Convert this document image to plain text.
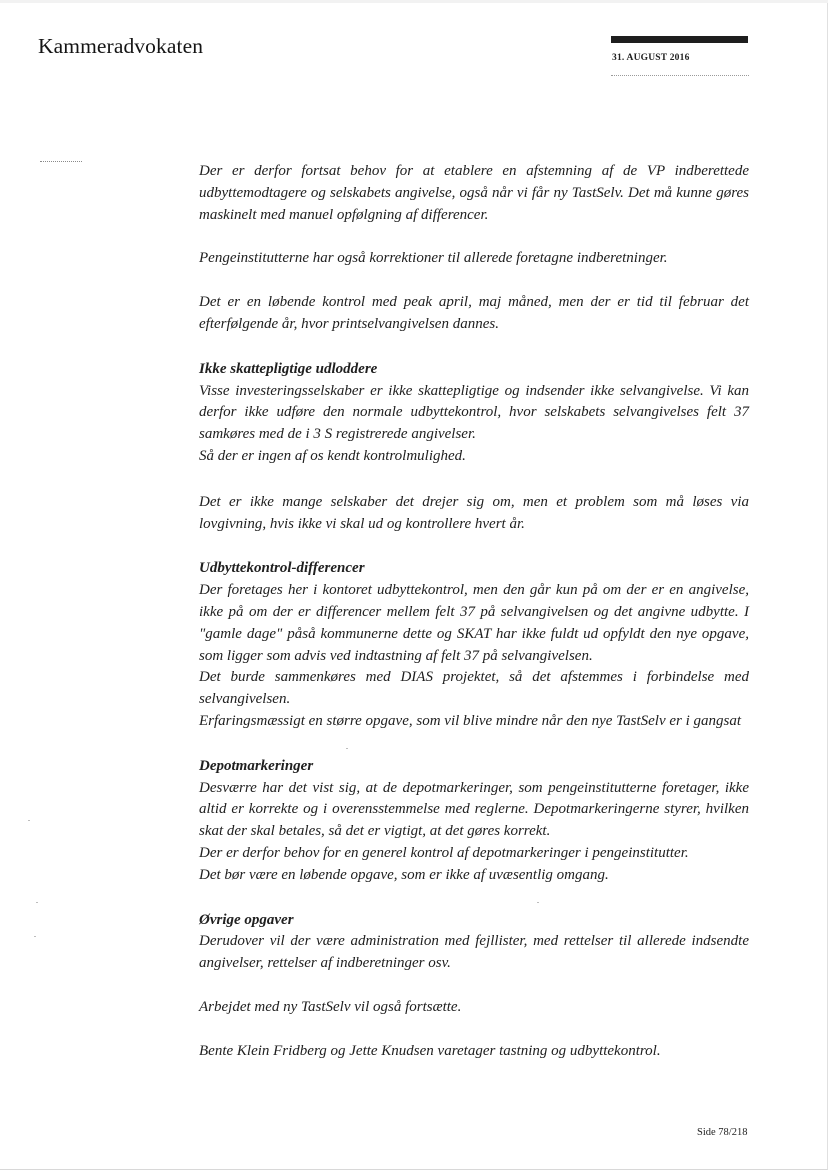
Kammeradvokaten	31. AUGUST 2016

Der er derfor fortsat behov for at etablere en afstemning af de VP indberettede udbyttemodtagere og selskabets angivelse, også når vi får ny TastSelv. Det må kunne gøres maskinelt med manuel opfølgning af differencer.

Pengeinstitutterne har også korrektioner til allerede foretagne indberetninger.

Det er en løbende kontrol med peak april, maj måned, men der er tid til februar det efterfølgende år, hvor printselvangivelsen dannes.

Ikke skattepligtige udloddere

Visse investeringsselskaber er ikke skattepligtige og indsender ikke selvangivelse. Vi kan derfor ikke udføre den normale udbyttekontrol, hvor selskabets selvangivelses felt 37 samkøres med de i 3 S registrerede angivelser.

Så der er ingen af os kendt kontrolmulighed.

Det er ikke mange selskaber det drejer sig om, men et problem som må løses via lovgivning, hvis ikke vi skal ud og kontrollere hvert år.

Udbyttekontrol-differencer

Der foretages her i kontoret udbyttekontrol, men den går kun på om der er en angivelse, ikke på om der er differencer mellem felt 37 på selvangivelsen og det angivne udbytte. I "gamle dage" påså kommunerne dette og SKAT har ikke fuldt ud opfyldt den nye opgave, som ligger som advis ved indtastning af felt 37 på selvangivelsen.

Det burde sammenkøres med DIAS projektet, så det afstemmes i forbindelse med selvangivelsen.

Erfaringsmæssigt en større opgave, som vil blive mindre når den nye TastSelv er i gangsat

Depotmarkeringer

Desværre har det vist sig, at de depotmarkeringer, som pengeinstitutterne foretager, ikke altid er korrekte og i overensstemmelse med reglerne. Depotmarkeringerne styrer, hvilken skat der skal betales, så det er vigtigt, at det gøres korrekt.

Der er derfor behov for en generel kontrol af depotmarkeringer i pengeinstitutter.

Det bør være en løbende opgave, som er ikke af uvæsentlig omgang.

Øvrige opgaver

Derudover vil der være administration med fejllister, med rettelser til allerede indsendte angivelser, rettelser af indberetninger osv.

Arbejdet med ny TastSelv vil også fortsætte.

Bente Klein Fridberg og Jette Knudsen varetager tastning og udbyttekontrol.

Side 78/218
